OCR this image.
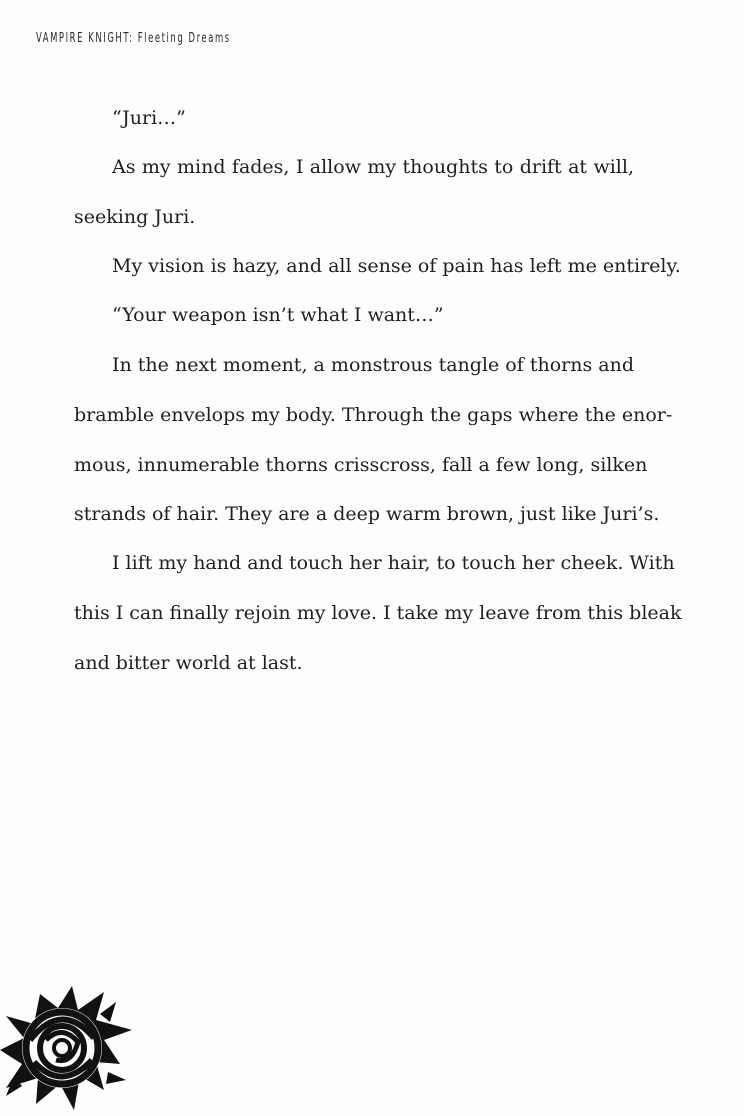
VAMPIRE KNIGHT: Fleeting Dreams
“Juri…”
As my mind fades, I allow my thoughts to drift at will,
seeking Juri.
My vision is hazy, and all sense of pain has left me entirely.
“Your weapon isn’t what I want…”
In the next moment, a monstrous tangle of thorns and
bramble envelops my body. Through the gaps where the enor-
mous, innumerable thorns crisscross, fall a few long, silken
strands of hair. They are a deep warm brown, just like Juri’s.
I lift my hand and touch her hair, to touch her cheek. With
this I can finally rejoin my love. I take my leave from this bleak
and bitter world at last.
